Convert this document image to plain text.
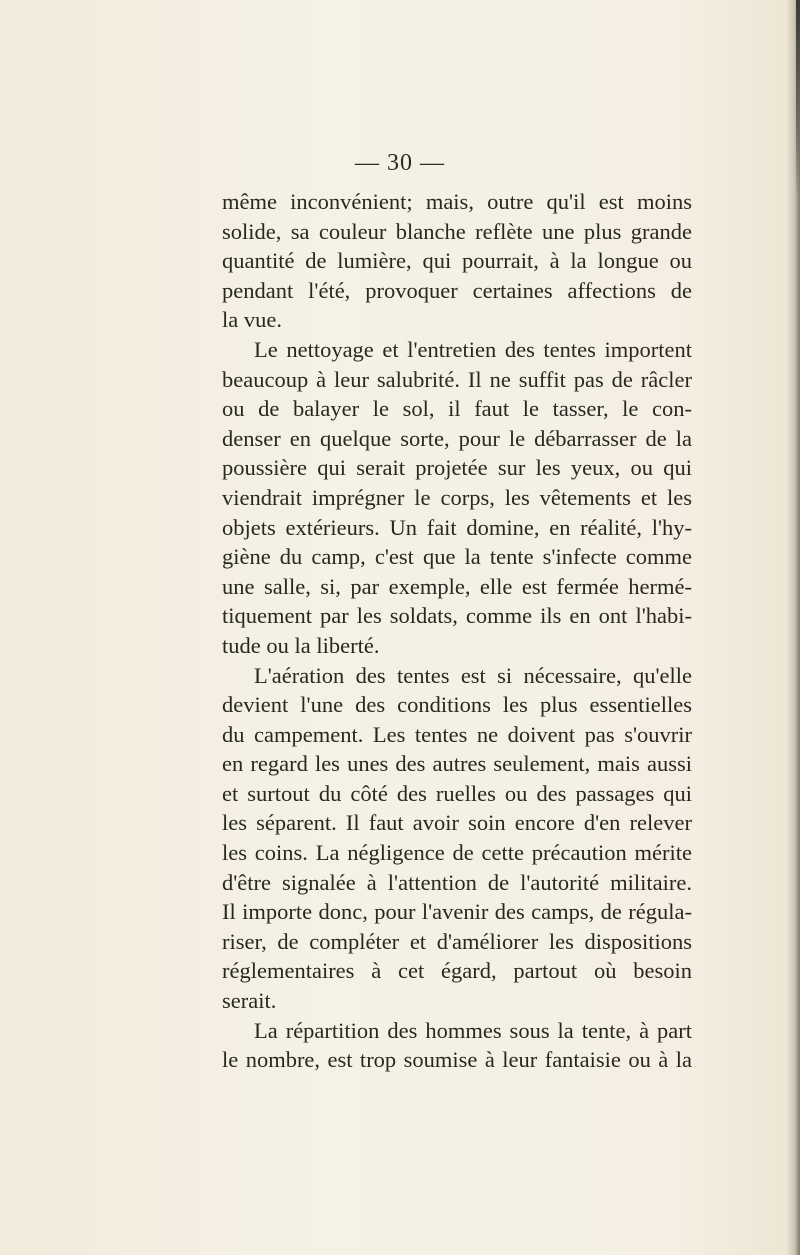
— 30 —
même inconvénient; mais, outre qu'il est moins
solide, sa couleur blanche reflète une plus grande
quantité de lumière, qui pourrait, à la longue ou
pendant l'été, provoquer certaines affections de
la vue.
Le nettoyage et l'entretien des tentes importent
beaucoup à leur salubrité. Il ne suffit pas de râcler
ou de balayer le sol, il faut le tasser, le con-
denser en quelque sorte, pour le débarrasser de la
poussière qui serait projetée sur les yeux, ou qui
viendrait imprégner le corps, les vêtements et les
objets extérieurs. Un fait domine, en réalité, l'hy-
giène du camp, c'est que la tente s'infecte comme
une salle, si, par exemple, elle est fermée hermé-
tiquement par les soldats, comme ils en ont l'habi-
tude ou la liberté.
L'aération des tentes est si nécessaire, qu'elle
devient l'une des conditions les plus essentielles
du campement. Les tentes ne doivent pas s'ouvrir
en regard les unes des autres seulement, mais aussi
et surtout du côté des ruelles ou des passages qui
les séparent. Il faut avoir soin encore d'en relever
les coins. La négligence de cette précaution mérite
d'être signalée à l'attention de l'autorité militaire.
Il importe donc, pour l'avenir des camps, de régula-
riser, de compléter et d'améliorer les dispositions
réglementaires à cet égard, partout où besoin
serait.
La répartition des hommes sous la tente, à part
le nombre, est trop soumise à leur fantaisie ou à la
